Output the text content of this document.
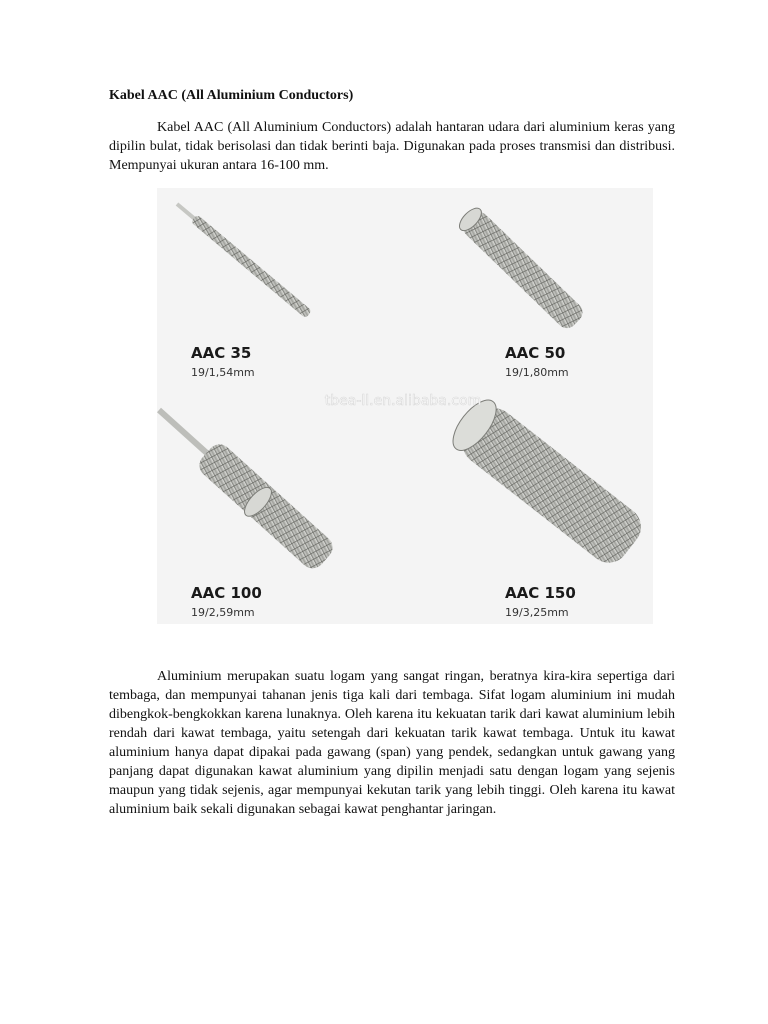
Kabel AAC (All Aluminium Conductors)

Kabel AAC (All Aluminium Conductors) adalah hantaran udara dari aluminium keras yang dipilin bulat, tidak berisolasi dan tidak berinti baja. Digunakan pada proses transmisi dan distribusi. Mempunyai ukuran antara 16-100 mm.

Aluminium merupakan suatu logam yang sangat ringan, beratnya kira-kira sepertiga dari tembaga, dan mempunyai tahanan jenis tiga kali dari tembaga. Sifat logam aluminium ini mudah dibengkok-bengkokkan karena lunaknya. Oleh karena itu kekuatan tarik dari kawat aluminium lebih rendah dari kawat tembaga, yaitu setengah dari kekuatan tarik kawat tembaga. Untuk itu kawat aluminium hanya dapat dipakai pada gawang (span) yang pendek, sedangkan untuk gawang yang panjang dapat digunakan kawat aluminium yang dipilin menjadi satu dengan logam yang sejenis maupun yang tidak sejenis, agar mempunyai kekutan tarik yang lebih tinggi. Oleh karena itu kawat aluminium baik sekali digunakan sebagai kawat penghantar jaringan.

tbea-ll.en.alibaba.com
AAC 35
19/1,54mm
AAC 50
19/1,80mm
AAC 100
19/2,59mm
AAC 150
19/3,25mm
